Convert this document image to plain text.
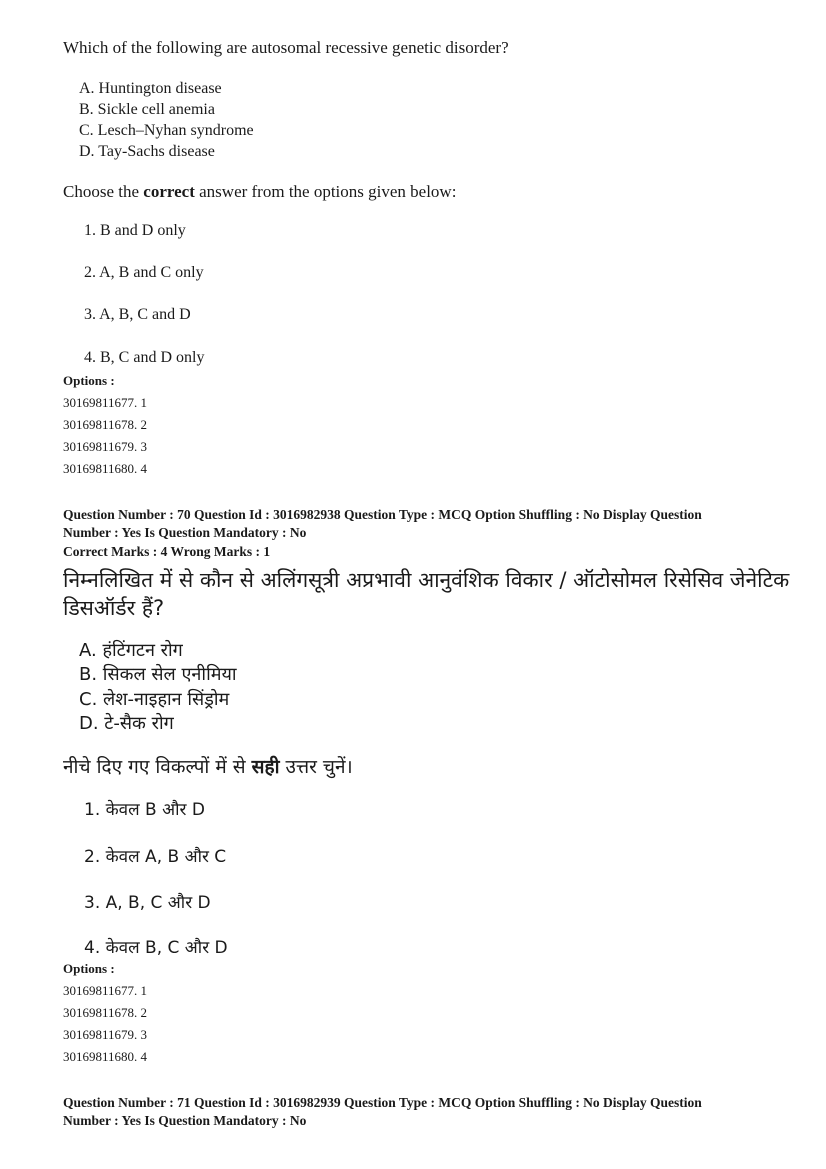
Which of the following are autosomal recessive genetic disorder?
A. Huntington disease
B. Sickle cell anemia
C. Lesch–Nyhan syndrome
D. Tay-Sachs disease
Choose the correct answer from the options given below:
1. B and D only
2. A, B and C only
3. A, B, C and D
4. B, C and D only
Options :
30169811677. 1
30169811678. 2
30169811679. 3
30169811680. 4
Question Number : 70 Question Id : 3016982938 Question Type : MCQ Option Shuffling : No Display Question
Number : Yes Is Question Mandatory : No
Correct Marks : 4 Wrong Marks : 1
निम्नलिखित में से कौन से अलिंगसूत्री अप्रभावी आनुवंशिक विकार / ऑटोसोमल रिसेसिव जेनेटिक
डिसऑर्डर हैं?
A. हंटिंगटन रोग
B. सिकल सेल एनीमिया
C. लेश-नाइहान सिंड्रोम
D. टे-सैक रोग
नीचे दिए गए विकल्पों में से सही उत्तर चुनें।
1. केवल B और D
2. केवल A, B और C
3. A, B, C और D
4. केवल B, C और D
Options :
30169811677. 1
30169811678. 2
30169811679. 3
30169811680. 4
Question Number : 71 Question Id : 3016982939 Question Type : MCQ Option Shuffling : No Display Question
Number : Yes Is Question Mandatory : No
